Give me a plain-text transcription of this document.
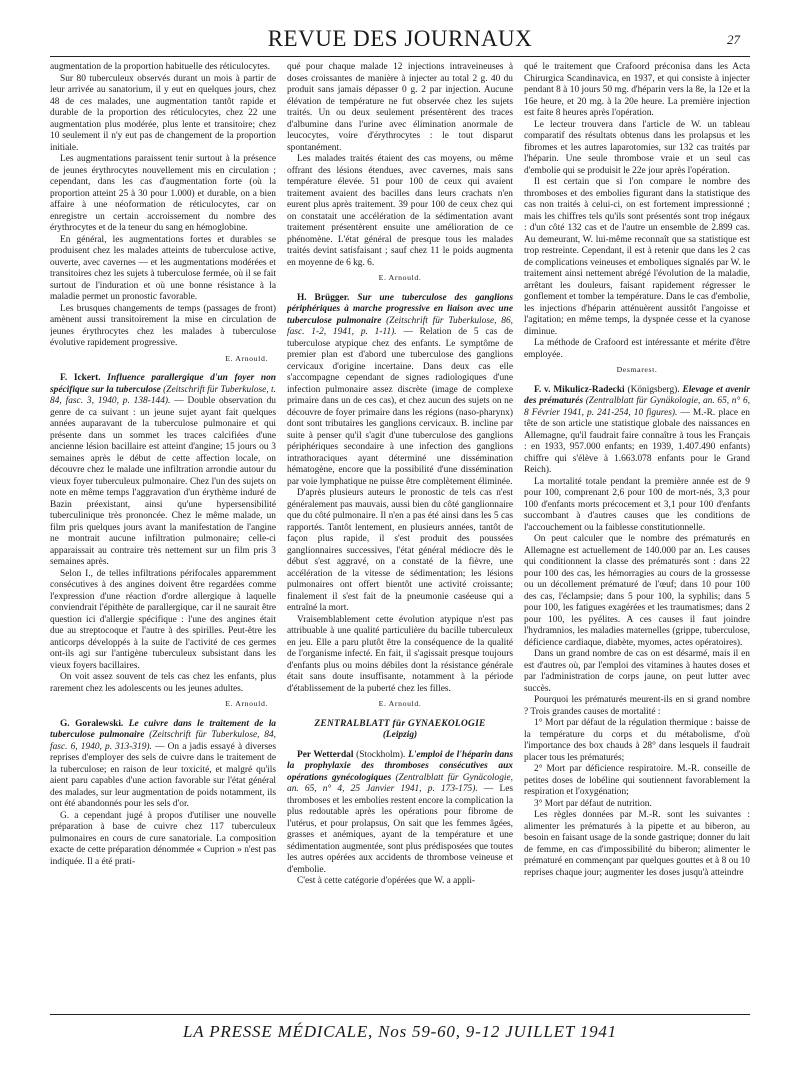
REVUE DES JOURNAUX	27

augmentation de la proportion habituelle des réticulocytes.

Sur 80 tuberculeux observés durant un mois à partir de leur arrivée au sanatorium, il y eut en quelques jours, chez 48 de ces malades, une augmentation tantôt rapide et durable de la proportion des réticulocytes, chez 22 une augmentation plus modérée, plus lente et transitoire; chez 10 seulement il n'y eut pas de changement de la proportion initiale.

Les augmentations paraissent tenir surtout à la présence de jeunes érythrocytes nouvellement mis en circulation ; cependant, dans les cas d'augmentation forte (où la proportion atteint 25 à 30 pour 1.000) et durable, on a bien affaire à une néoformation de réticulocytes, car on enregistre un certain accroissement du nombre des érythrocytes et de la teneur du sang en hémoglobine.

En général, les augmentations fortes et durables se produisent chez les malades atteints de tuberculose active, ouverte, avec cavernes — et les augmentations modérées et transitoires chez les sujets à tuberculose fermée, où il se fait surtout de l'induration et où une bonne résistance à la maladie permet un pronostic favorable.

Les brusques changements de temps (passages de front) amènent aussi transitoirement la mise en circulation de jeunes érythrocytes chez les malades à tuberculose évolutive rapidement progressive.

E. Arnould.

F. Ickert. Influence parallergique d'un foyer non spécifique sur la tuberculose (Zeitschrift für Tuberkulose, t. 84, fasc. 3, 1940, p. 138-144). — Double observation du genre de ca suivant : un jeune sujet ayant fait quelques années auparavant de la tuberculose pulmonaire et qui présente dans un sommet les traces calcifiées d'une ancienne lésion bacillaire est atteint d'angine; 15 jours ou 3 semaines après le début de cette affection locale, on découvre chez le malade une infiltration arrondie autour du vieux foyer tuberculeux pulmonaire. Chez l'un des sujets on note en même temps l'aggravation d'un érythème induré de Bazin préexistant, ainsi qu'une hypersensibilité tuberculinique très prononcée. Chez le même malade, un film pris quelques jours avant la manifestation de l'angine ne montrait aucune infiltration pulmonaire; celle-ci apparaissait au contraire très nettement sur un film pris 3 semaines après.

Selon I., de telles infiltrations périfocales apparemment consécutives à des angines doivent être regardées comme l'expression d'une réaction d'ordre allergique à laquelle conviendrait l'épithète de parallergique, car il ne saurait être question ici d'allergie spécifique : l'une des angines était due au streptocoque et l'autre à des spirilles. Peut-être les anticorps développés à la suite de l'activité de ces germes ont-ils agi sur l'antigène tuberculeux subsistant dans les vieux foyers bacillaires.

On voit assez souvent de tels cas chez les enfants, plus rarement chez les adolescents ou les jeunes adultes.

E. Arnould.

G. Goralewski. Le cuivre dans le traitement de la tuberculose pulmonaire (Zeitschrift für Tuberkulose, 84, fasc. 6, 1940, p. 313-319). — On a jadis essayé à diverses reprises d'employer des sels de cuivre dans le traitement de la tuberculose; en raison de leur toxicité, et malgré qu'ils aient paru capables d'une action favorable sur l'état général des malades, sur leur augmentation de poids notamment, ils ont été abandonnés pour les sels d'or.

G. a cependant jugé à propos d'utiliser une nouvelle préparation à base de cuivre chez 117 tuberculeux pulmonaires en cours de cure sanatoriale. La composition exacte de cette préparation dénommée « Cuprion » n'est pas indiquée. Il a été prati-

qué pour chaque malade 12 injections intraveineuses à doses croissantes de manière à injecter au total 2 g. 40 du produit sans jamais dépasser 0 g. 2 par injection. Aucune élévation de température ne fut observée chez les sujets traités. Un ou deux seulement présentèrent des traces d'albumine dans l'urine avec élimination anormale de leucocytes, voire d'érythrocytes : le tout disparut spontanément.

Les malades traités étaient des cas moyens, ou même offrant des lésions étendues, avec cavernes, mais sans température élevée. 51 pour 100 de ceux qui avaient traitement avaient des bacilles dans leurs crachats n'en eurent plus après traitement. 39 pour 100 de ceux chez qui on constatait une accélération de la sédimentation avant traitement présentèrent ensuite une amélioration de ce phénomène. L'état général de presque tous les malades traités devint satisfaisant ; sauf chez 11 le poids augmenta en moyenne de 6 kg. 6.

E. Arnould.

H. Brügger. Sur une tuberculose des ganglions périphériques à marche progressive en liaison avec une tuberculose pulmonaire (Zeitschrift für Tuberkulose, 86, fasc. 1-2, 1941, p. 1-11). — Relation de 5 cas de tuberculose atypique chez des enfants. Le symptôme de premier plan est d'abord une tuberculose des ganglions cervicaux d'origine incertaine. Dans deux cas elle s'accompagne cependant de signes radiologiques d'une infection pulmonaire assez discrète (image de complexe primaire dans un de ces cas), et chez aucun des sujets on ne découvre de foyer primaire dans les régions (naso-pharynx) dont sont tributaires les ganglions cervicaux. B. incline par suite à penser qu'il s'agit d'une tuberculose des ganglions périphériques secondaire à une infection des ganglions intrathoraciques ayant déterminé une dissémination hématogène, encore que la possibilité d'une dissémination par voie lymphatique ne puisse être complètement éliminée.

D'après plusieurs auteurs le pronostic de tels cas n'est généralement pas mauvais, aussi bien du côté ganglionnaire que du côté pulmonaire. Il n'en a pas été ainsi dans les 5 cas rapportés. Tantôt lentement, en plusieurs années, tantôt de façon plus rapide, il s'est produit des poussées ganglionnaires successives, l'état général médiocre dès le début s'est aggravé, on a constaté de la fièvre, une accélération de la vitesse de sédimentation; les lésions pulmonaires ont offert bientôt une activité croissante; finalement il s'est fait de la pneumonie caséeuse qui a entraîné la mort.

Vraisemblablement cette évolution atypique n'est pas attribuable à une qualité particulière du bacille tuberculeux en jeu. Elle a paru plutôt être la conséquence de la qualité de l'organisme infecté. En fait, il s'agissait presque toujours d'enfants plus ou moins débiles dont la résistance générale était sans doute insuffisante, notamment à la période d'établissement de la puberté chez les filles.

E. Arnould.
ZENTRALBLATT für GYNAEKOLOGIE
(Leipzig)

Per Wetterdal (Stockholm). L'emploi de l'héparin dans la prophylaxie des thromboses consécutives aux opérations gynécologiques (Zentralblatt für Gynäcologie, an. 65, n° 4, 25 Janvier 1941, p. 173-175). — Les thromboses et les embolies restent encore la complication la plus redoutable après les opérations pour fibrome de l'utérus, et pour prolapsus, On sait que les femmes âgées, grasses et anémiques, ayant de la température et une sédimentation augmentée, sont plus prédisposées que toutes les autres opérées aux accidents de thrombose veineuse et d'embolie.

C'est à cette catégorie d'opérées que W. a appli-

qué le traitement que Crafoord préconisa dans les Acta Chirurgica Scandinavica, en 1937, et qui consiste à injecter pendant 8 à 10 jours 50 mg. d'héparin vers la 8e, la 12e et la 16e heure, et 20 mg. à la 20e heure. La première injection est faite 8 heures après l'opération.

Le lecteur trouvera dans l'article de W. un tableau comparatif des résultats obtenus dans les prolapsus et les fibromes et les autres laparotomies, sur 132 cas traités par l'héparin. Une seule thrombose vraie et un seul cas d'embolie qui se produisit le 22e jour après l'opération.

Il est certain que si l'on compare le nombre des thromboses et des embolies figurant dans la statistique des cas non traités à celui-ci, on est fortement impressionné ; mais les chiffres tels qu'ils sont présentés sont trop inégaux : d'un côté 132 cas et de l'autre un ensemble de 2.899 cas. Au demeurant, W. lui-même reconnaît que sa statistique est trop restreinte. Cependant, il est à retenir que dans les 2 cas de complications veineuses et emboliques signalés par W. le traitement ainsi nettement abrégé l'évolution de la maladie, arrêtant les douleurs, faisant rapidement régresser le gonflement et tomber la température. Dans le cas d'embolie, les injections d'héparin atténuèrent aussitôt l'angoisse et l'agitation; en même temps, la dyspnée cesse et la cyanose diminue.

La méthode de Crafoord est intéressante et mérite d'être employée.

Desmarest.

F. v. Mikulicz-Radecki (Königsberg). Elevage et avenir des prématurés (Zentralblatt für Gynäkologie, an. 65, n° 6, 8 Février 1941, p. 241-254, 10 figures). — M.-R. place en tête de son article une statistique globale des naissances en Allemagne, qu'il faudrait faire connaître à tous les Français : en 1933, 957.000 enfants; en 1939, 1.407.490 enfants) chiffre qui s'élève à 1.663.078 enfants pour le Grand Reich).

La mortalité totale pendant la première année est de 9 pour 100, comprenant 2,6 pour 100 de mort-nés, 3,3 pour 100 d'enfants morts précocement et 3,1 pour 100 d'enfants succombant à d'autres causes que les conditions de l'accouchement ou la faiblesse constitutionnelle.

On peut calculer que le nombre des prématurés en Allemagne est actuellement de 140.000 par an. Les causes qui conditionnent la classe des prématurés sont : dans 22 pour 100 des cas, les hémorragies au cours de la grossesse ou un décollement prématuré de l'œuf; dans 10 pour 100 des cas, l'éclampsie; dans 5 pour 100, la syphilis; dans 5 pour 100, les fatigues exagérées et les traumatismes; dans 2 pour 100, les pyélites. A ces causes il faut joindre l'hydramnios, les maladies maternelles (grippe, tuberculose, déficience cardiaque, diabète, myomes, actes opératoires).

Dans un grand nombre de cas on est désarmé, mais il en est d'autres où, par l'emploi des vitamines à hautes doses et par l'administration de corps jaune, on peut lutter avec succès.

Pourquoi les prématurés meurent-ils en si grand nombre ? Trois grandes causes de mortalité :

1° Mort par défaut de la régulation thermique : baisse de la température du corps et du métabolisme, d'où l'importance des box chauds à 28° dans lesquels il faudrait placer tous les prématurés;

2° Mort par déficience respiratoire. M.-R. conseille de petites doses de lobéline qui soutiennent favorablement la respiration et l'oxygénation;

3° Mort par défaut de nutrition.

Les règles données par M.-R. sont les suivantes : alimenter les prématurés à la pipette et au biberon, au besoin en faisant usage de la sonde gastrique; donner du lait de femme, en cas d'impossibilité du biberon; alimenter le prématuré en commençant par quelques gouttes et à 8 ou 10 reprises chaque jour; augmenter les doses jusqu'à atteindre

LA PRESSE MÉDICALE, Nos 59-60, 9-12 JUILLET 1941
